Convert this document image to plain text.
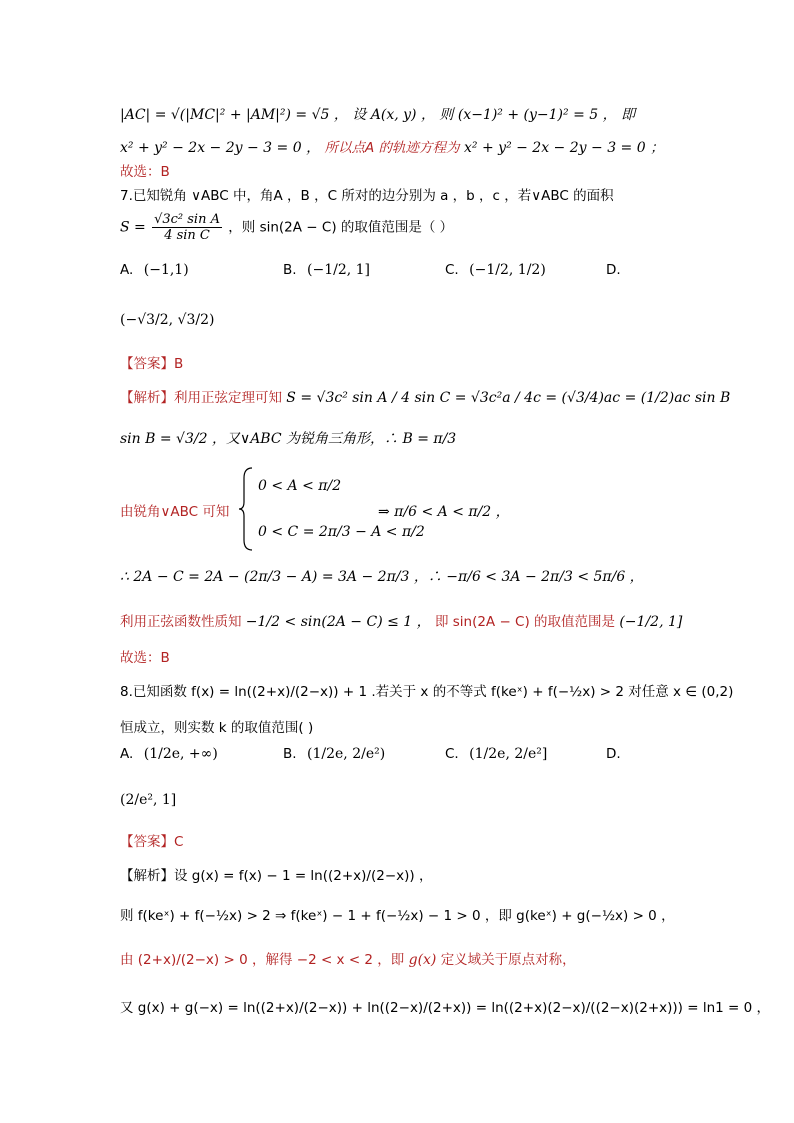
|AC| = √(|MC|² + |AM|²) = √5 ， 设 A(x, y) ， 则 (x−1)² + (y−1)² = 5 ， 即
x² + y² − 2x − 2y − 3 = 0 ， 所以点A 的轨迹方程为 x² + y² − 2x − 2y − 3 = 0 ；
故选：B
7.已知锐角 ∨ABC 中，角A ，B ，C 所对的边分别为 a ，b ，c ，若∨ABC 的面积
$S = \frac{\text{√3c² sin A}}{\text{4 sin C}}$ ，则 sin(2A − C) 的取值范围是（ ）
A. (−1,1)	B. (−1/2, 1]	C. (−1/2, 1/2)	D.
(−√3/2, √3/2)
【答案】B
【解析】利用正弦定理可知 S = √3c² sin A / 4 sin C = √3c²a / 4c = (√3/4)ac = (1/2)ac sin B
sin B = √3/2 ，又∨ABC 为锐角三角形，∴ B = π/3
由锐角∨ABC 可知
0 < A < π/2
0 < C = 2π/3 − A < π/2
⇒ π/6 < A < π/2 ，
∴ 2A − C = 2A − (2π/3 − A) = 3A − 2π/3 ，∴ −π/6 < 3A − 2π/3 < 5π/6 ，
利用正弦函数性质知 −1/2 < sin(2A − C) ≤ 1 ， 即 sin(2A − C) 的取值范围是 (−1/2, 1]
故选：B
8.已知函数 f(x) = ln((2+x)/(2−x)) + 1 .若关于 x 的不等式 f(keˣ) + f(−½x) > 2 对任意 x ∈ (0,2)
恒成立，则实数 k 的取值范围( )
A. (1/2e, +∞)	B. (1/2e, 2/e²)	C. (1/2e, 2/e²]	D.
(2/e², 1]
【答案】C
【解析】设 g(x) = f(x) − 1 = ln((2+x)/(2−x)) ，
则 f(keˣ) + f(−½x) > 2 ⇒ f(keˣ) − 1 + f(−½x) − 1 > 0 ，即 g(keˣ) + g(−½x) > 0 ，
由 (2+x)/(2−x) > 0 ，解得 −2 < x < 2 ，即 g(x) 定义域关于原点对称，
又 g(x) + g(−x) = ln((2+x)/(2−x)) + ln((2−x)/(2+x)) = ln((2+x)(2−x)/((2−x)(2+x))) = ln1 = 0 ，
